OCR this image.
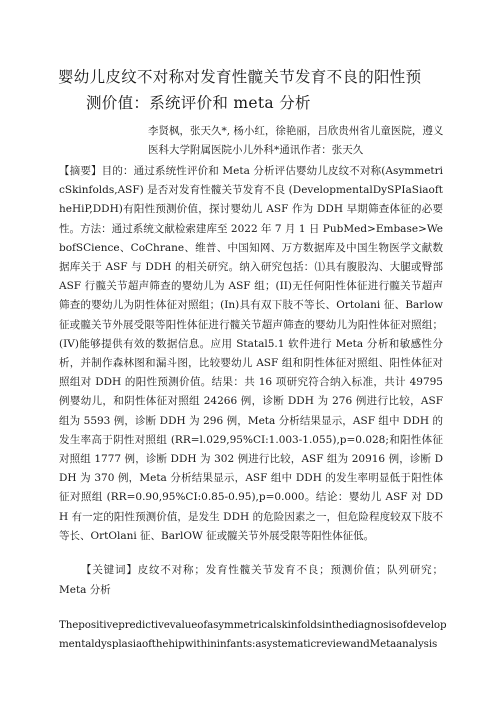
婴幼儿皮纹不对称对发育性髋关节发育不良的阳性预
测价值：系统评价和 meta 分析
李贤枫，张天久*, 杨小红，徐艳丽，吕欣贵州省儿童医院，遵义
医科大学附属医院小儿外科*通讯作者：张天久
【摘要】目的：通过系统性评价和 Meta 分析评估婴幼儿皮纹不对称(AsymmetricSkinfolds,ASF) 是否对发育性髋关节发育不良 (DevelopmentalDySPIaSiaoftheHiP,DDH)有阳性预测价值，探讨婴幼儿 ASF 作为 DDH 早期筛查体征的必要性。方法：通过系统文献检索建库至 2022 年 7 月 1 日 PubMed>Embase>WebofSCience、CoChrane、维普、中国知网、万方数据库及中国生物医学文献数据库关于 ASF 与 DDH 的相关研究。纳入研究包括：⑴具有腹股沟、大腿或臀部 ASF 行髋关节超声筛查的婴幼儿为 ASF 组；(II)无任何阳性体征进行髋关节超声筛查的婴幼儿为阴性体征对照组；(In)具有双下肢不等长、Ortolani 征、Barlow 征或髋关节外展受限等阳性体征进行髋关节超声筛查的婴幼儿为阳性体征对照组；(IV)能够提供有效的数据信息。应用 Statal5.1 软件进行 Meta 分析和敏感性分析，并制作森林图和漏斗图，比较婴幼儿 ASF 组和阴性体征对照组、阳性体征对照组对 DDH 的阳性预测价值。结果：共 16 项研究符合纳入标准，共计 49795 例婴幼儿，和阴性体征对照组 24266 例，诊断 DDH 为 276 例进行比较，ASF 组为 5593 例，诊断 DDH 为 296 例，Meta 分析结果显示，ASF 组中 DDH 的发生率高于阴性对照组 (RR=l.029,95%CI:1.003-1.055),p=0.028;和阳性体征对照组 1777 例，诊断 DDH 为 302 例进行比较，ASF 组为 20916 例，诊断 DDH 为 370 例，Meta 分析结果显示，ASF 组中 DDH 的发生率明显低于阳性体征对照组 (RR=0.90,95%CI:0.85-0.95),p=0.000。结论：婴幼儿 ASF 对 DDH 有一定的阳性预测价值，是发生 DDH 的危险因素之一，但危险程度较双下肢不等长、OrtOlani 征、BarlOW 征或髋关节外展受限等阳性体征低。
【关键词】皮纹不对称；发育性髋关节发育不良；预测价值；队列研究；Meta 分析
Thepositivepredictivevalueofasymmetricalskinfoldsinthediagnosisofdevelopmentaldysplasiaofthehipwithininfants:asystematicreviewandMetaanalysis
